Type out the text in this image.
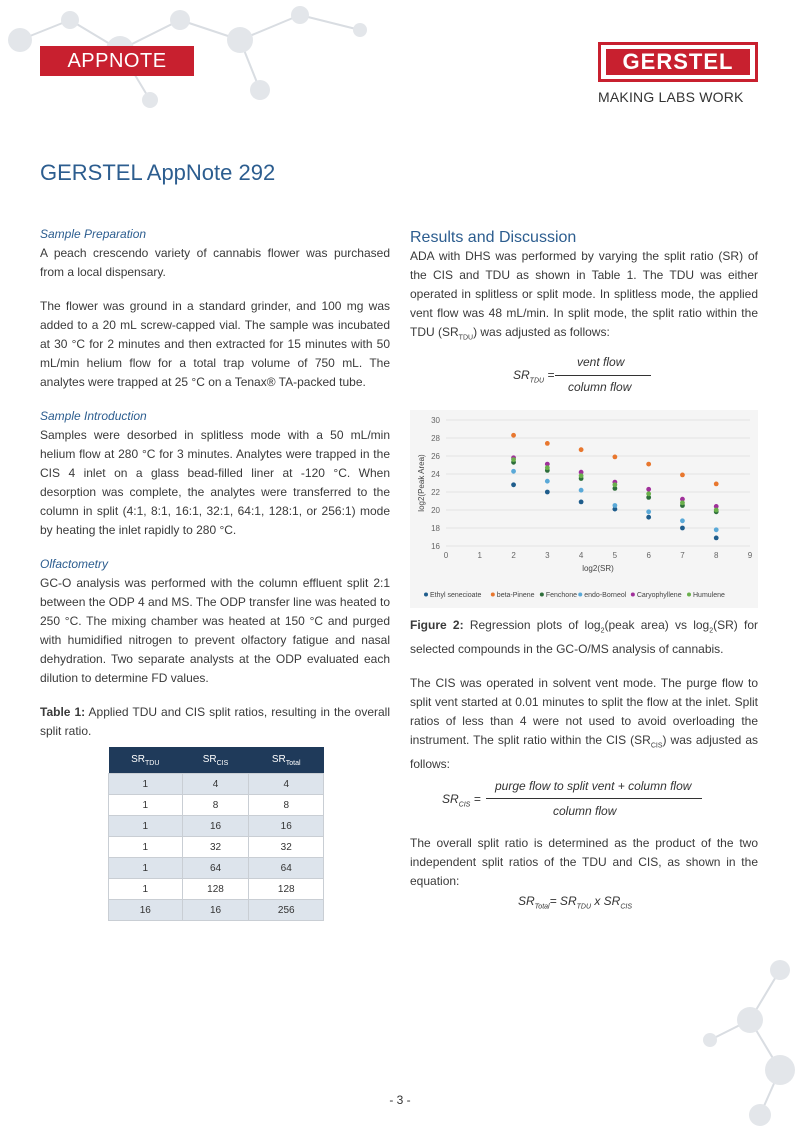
APPNOTE	GERSTEL
MAKING LABS WORK
GERSTEL AppNote 292

Sample Preparation

A peach crescendo variety of cannabis flower was purchased from a local dispensary.

The flower was ground in a standard grinder, and 100 mg was added to a 20 mL screw-capped vial. The sample was incubated at 30 °C for 2 minutes and then extracted for 15 minutes with 50 mL/min helium flow for a total trap volume of 750 mL. The analytes were trapped at 25 °C on a Tenax® TA-packed tube.

Sample Introduction

Samples were desorbed in splitless mode with a 50 mL/min helium flow at 280 °C for 3 minutes. Analytes were trapped in the CIS 4 inlet on a glass bead-filled liner at -120 °C. When desorption was complete, the analytes were transferred to the column in split (4:1, 8:1, 16:1, 32:1, 64:1, 128:1, or 256:1) mode by heating the inlet rapidly to 280 °C.

Olfactometry

GC-O analysis was performed with the column effluent split 2:1 between the ODP 4 and MS. The ODP transfer line was heated to 250 °C. The mixing chamber was heated at 150 °C and purged with humidified nitrogen to prevent olfactory fatigue and nasal dehydration. Two separate analysts at the ODP evaluated each dilution to determine FD values.

Table 1: Applied TDU and CIS split ratios, resulting in the overall split ratio.

$SR_{TDU}$	$SR_{CIS}$	$SR_{Total}$
1	4	4
1	8	8
1	16	16
1	32	32
1	64	64
1	128	128
16	16	256

Results and Discussion

ADA with DHS was performed by varying the split ratio (SR) of the CIS and TDU as shown in Table 1. The TDU was either operated in splitless or split mode. In splitless mode, the applied vent flow was 48 mL/min. In split mode, the split ratio within the TDU $(SR_{TDU})$ was adjusted as follows:

$SR_{TDU}$ =
vent flow
column flow
16
18
20
22
24
26
28
30
0	1	2	3	4	5	6	7	8	9
log2(SR)
log2(Peak Area)
Ethyl senecioate beta-Pinene Fenchone endo-Borneol Caryophyllene Humulene

Figure 2: Regression plots of $\log_2(peak$ area) vs $\log_2(SR)$ for selected compounds in the GC-O/MS analysis of cannabis.

The CIS was operated in solvent vent mode. The purge flow to split vent started at 0.01 minutes to split the flow at the inlet. Split ratios of less than 4 were not used to avoid overloading the instrument. The split ratio within the CIS $(SR_{CIS})$ was adjusted as follows:

$SR_{CIS}$ =
purge flow to split vent + column flow
column flow

The overall split ratio is determined as the product of the two independent split ratios of the TDU and CIS, as shown in the equation:

$SR_{Total}= SR_{TDU}$ x $SR_{CIS}$
- 3 -
